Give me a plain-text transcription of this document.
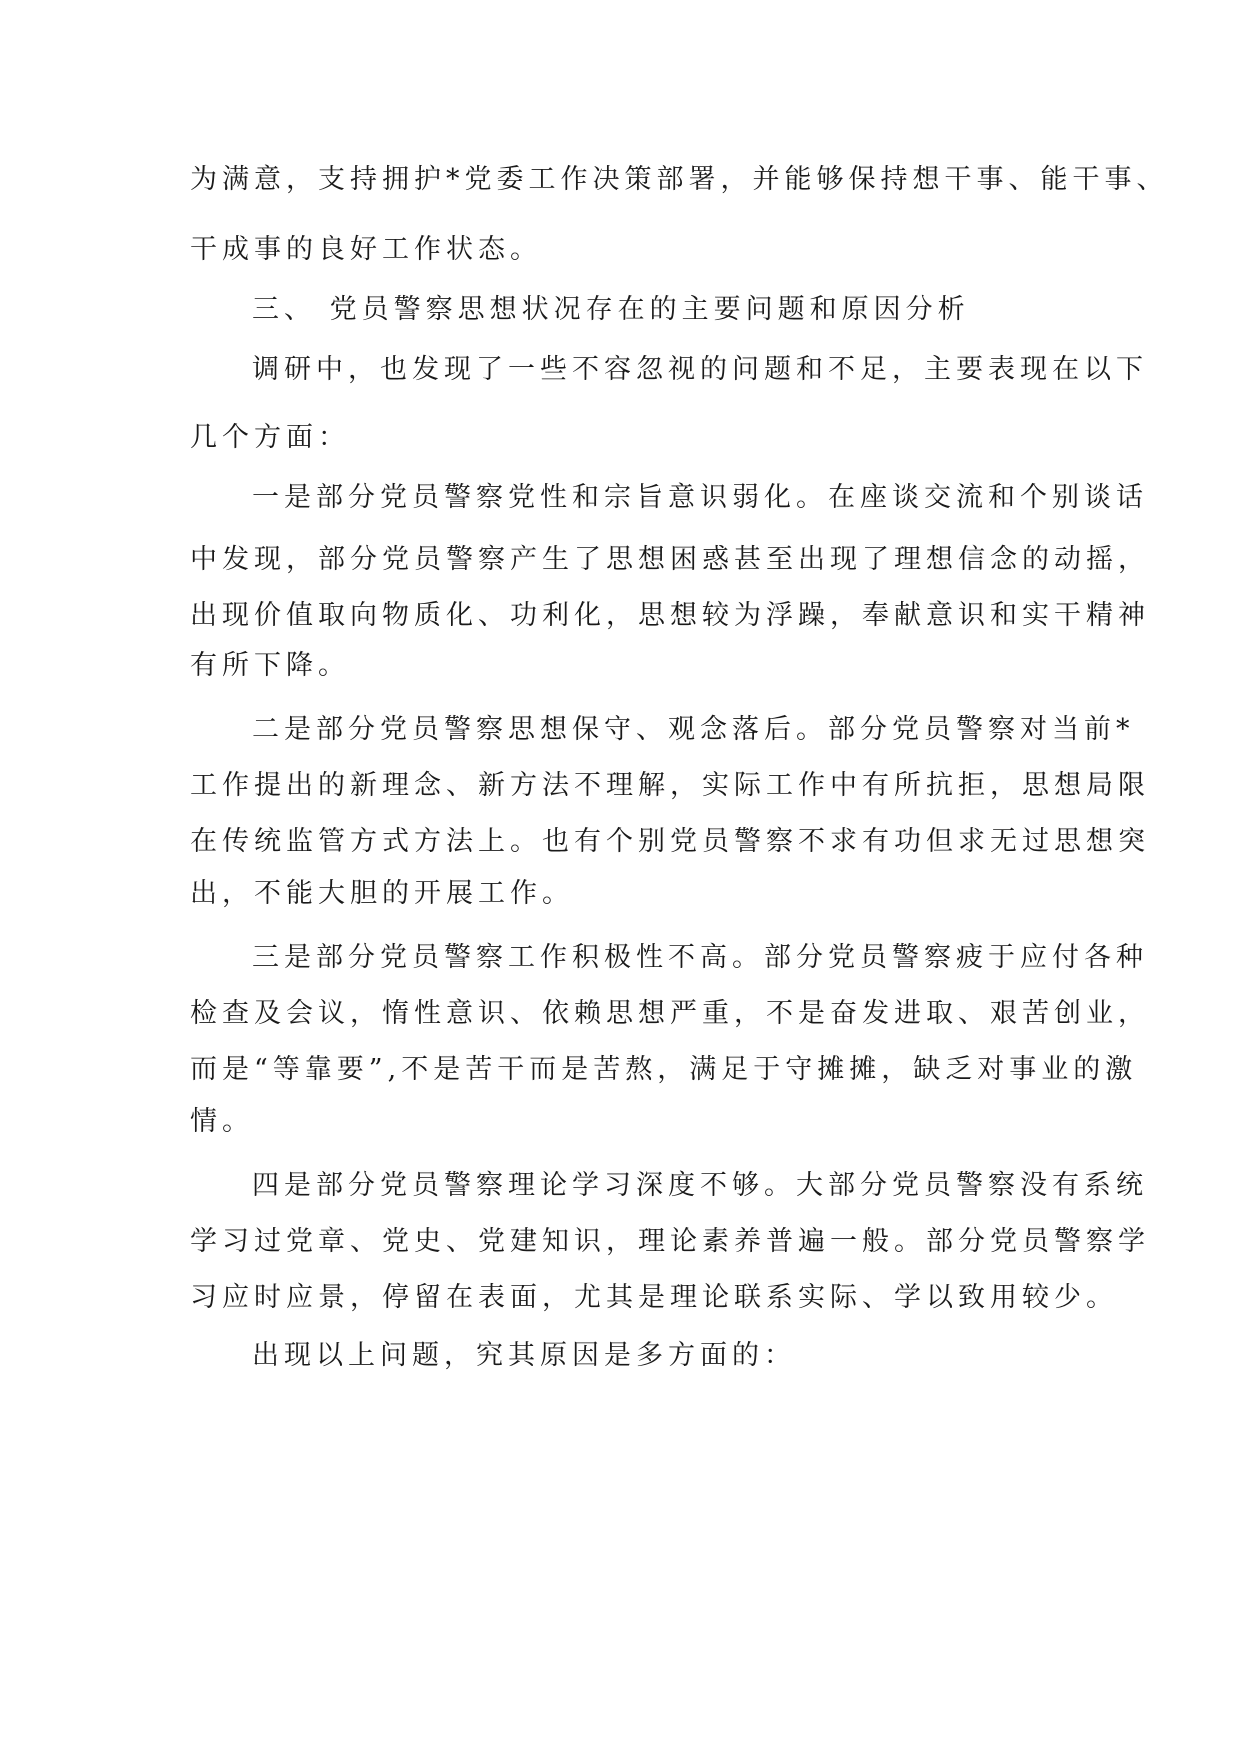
为满意，支持拥护*党委工作决策部署，并能够保持想干事、能干事、
干成事的良好工作状态。
三、 党员警察思想状况存在的主要问题和原因分析
调研中，也发现了一些不容忽视的问题和不足，主要表现在以下
几个方面：
一是部分党员警察党性和宗旨意识弱化。在座谈交流和个别谈话
中发现，部分党员警察产生了思想困惑甚至出现了理想信念的动摇，
出现价值取向物质化、功利化，思想较为浮躁，奉献意识和实干精神
有所下降。
二是部分党员警察思想保守、观念落后。部分党员警察对当前*
工作提出的新理念、新方法不理解，实际工作中有所抗拒，思想局限
在传统监管方式方法上。也有个别党员警察不求有功但求无过思想突
出，不能大胆的开展工作。
三是部分党员警察工作积极性不高。部分党员警察疲于应付各种
检查及会议，惰性意识、依赖思想严重，不是奋发进取、艰苦创业，
而是“等靠要”,不是苦干而是苦熬，满足于守摊摊，缺乏对事业的激
情。
四是部分党员警察理论学习深度不够。大部分党员警察没有系统
学习过党章、党史、党建知识，理论素养普遍一般。部分党员警察学
习应时应景，停留在表面，尤其是理论联系实际、学以致用较少。
出现以上问题，究其原因是多方面的：
